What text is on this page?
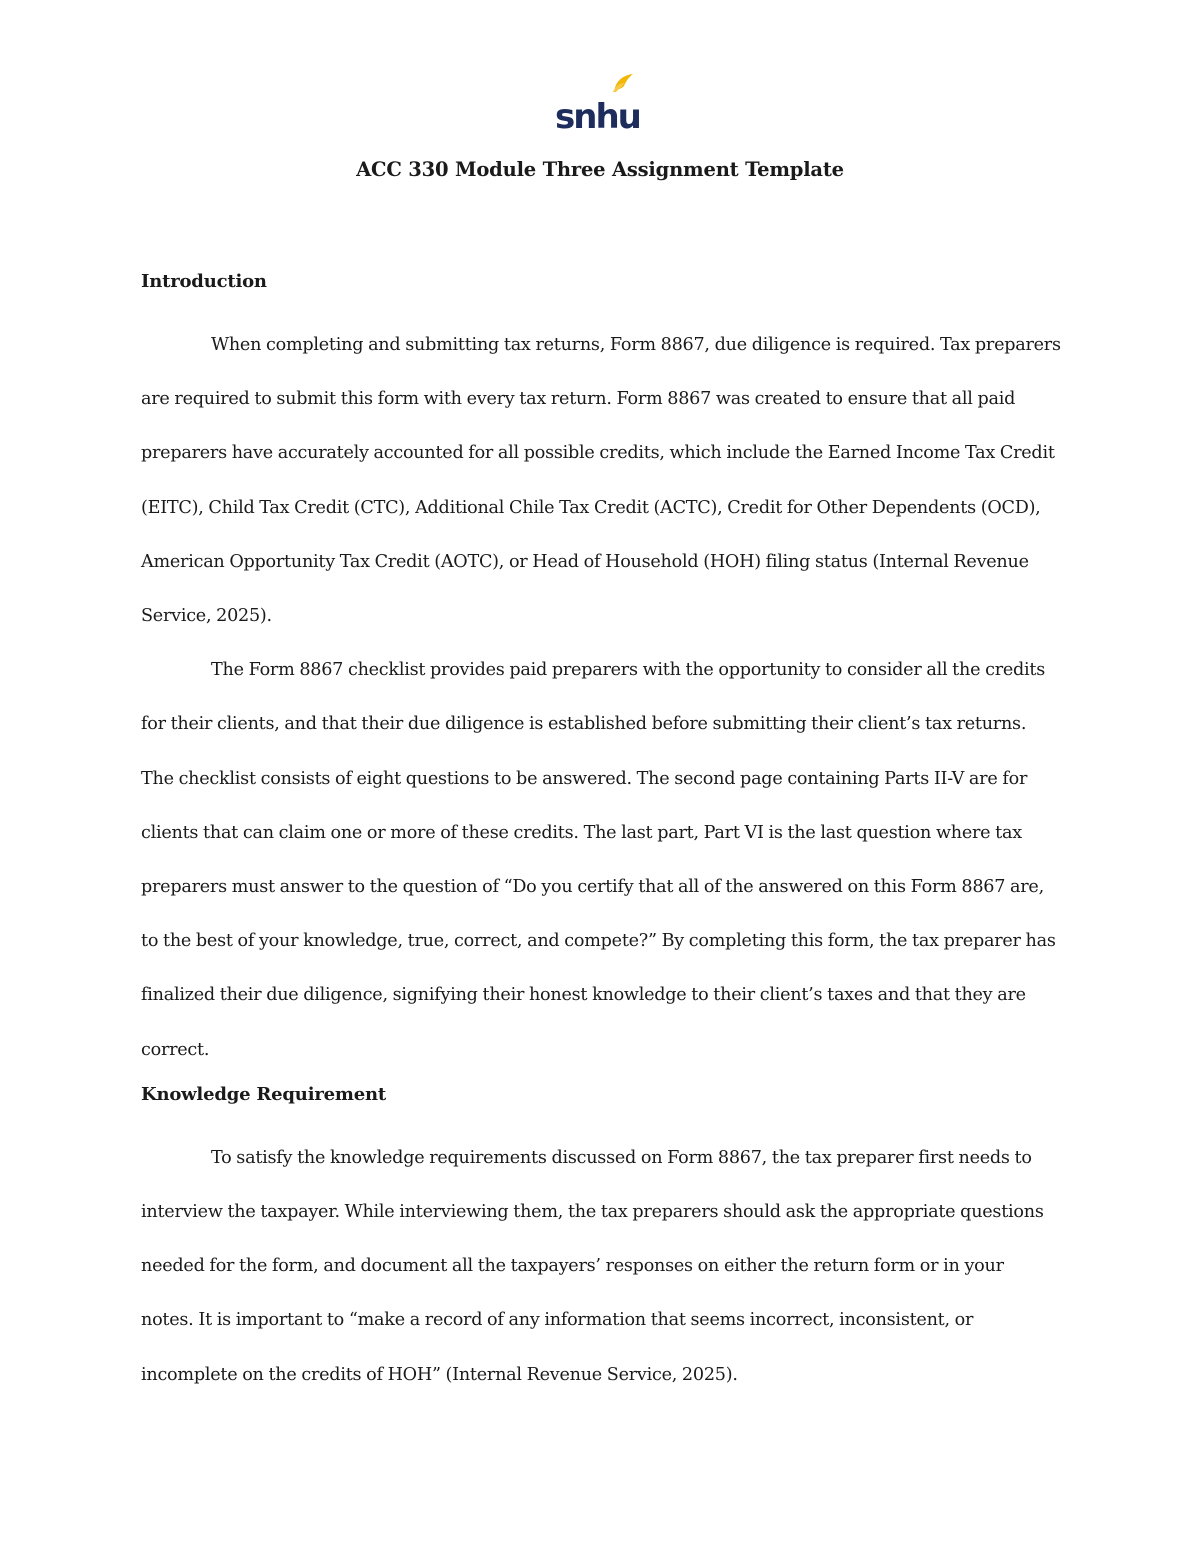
snhu
ACC 330 Module Three Assignment Template
Introduction

When completing and submitting tax returns, Form 8867, due diligence is required. Tax preparers are required to submit this form with every tax return. Form 8867 was created to ensure that all paid preparers have accurately accounted for all possible credits, which include the Earned Income Tax Credit (EITC), Child Tax Credit (CTC), Additional Chile Tax Credit (ACTC), Credit for Other Dependents (OCD), American Opportunity Tax Credit (AOTC), or Head of Household (HOH) filing status (Internal Revenue Service, 2025).

The Form 8867 checklist provides paid preparers with the opportunity to consider all the credits for their clients, and that their due diligence is established before submitting their client’s tax returns. The checklist consists of eight questions to be answered. The second page containing Parts II-V are for clients that can claim one or more of these credits. The last part, Part VI is the last question where tax preparers must answer to the question of “Do you certify that all of the answered on this Form 8867 are, to the best of your knowledge, true, correct, and compete?” By completing this form, the tax preparer has finalized their due diligence, signifying their honest knowledge to their client’s taxes and that they are correct.

Knowledge Requirement

To satisfy the knowledge requirements discussed on Form 8867, the tax preparer first needs to interview the taxpayer. While interviewing them, the tax preparers should ask the appropriate questions needed for the form, and document all the taxpayers’ responses on either the return form or in your notes. It is important to “make a record of any information that seems incorrect, inconsistent, or incomplete on the credits of HOH” (Internal Revenue Service, 2025).
